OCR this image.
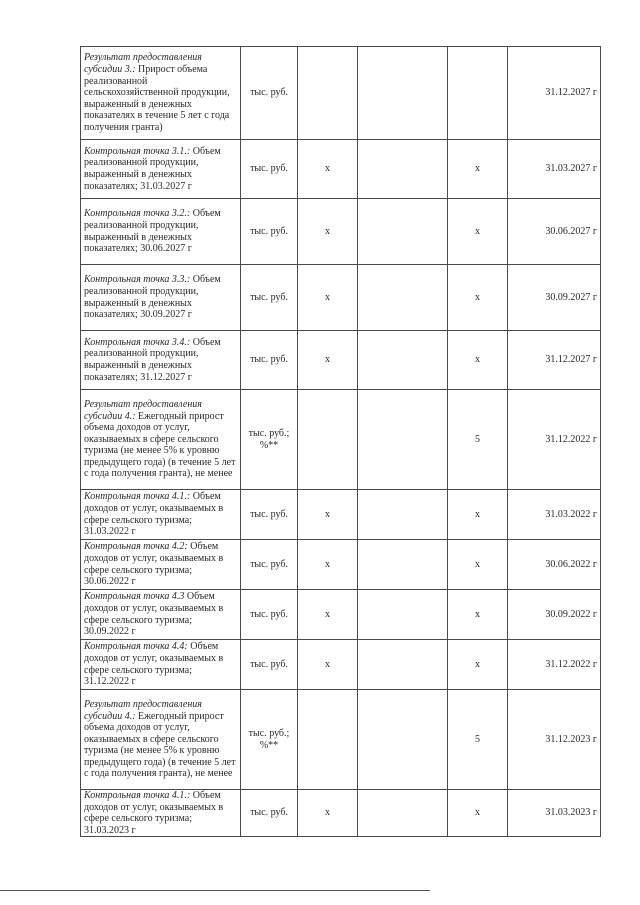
Результат предоставления субсидии 3.: Прирост объема реализованной сельскохозяйственной продукции, выраженный в денежных показателях в течение 5 лет с года получения гранта)	тыс. руб.				31.12.2027 г
Контрольная точка 3.1.: Объем реализованной продукции, выраженный в денежных показателях; 31.03.2027 г	тыс. руб.	х		х	31.03.2027 г
Контрольная точка 3.2.: Объем реализованной продукции, выраженный в денежных показателях; 30.06.2027 г	тыс. руб.	х		х	30.06.2027 г
Контрольная точка 3.3.: Объем реализованной продукции, выраженный в денежных показателях; 30.09.2027 г	тыс. руб.	х		х	30.09.2027 г
Контрольная точка 3.4.: Объем реализованной продукции, выраженный в денежных показателях; 31.12.2027 г	тыс. руб.	х		х	31.12.2027 г
Результат предоставления субсидии 4.: Ежегодный прирост объема доходов от услуг, оказываемых в сфере сельского туризма (не менее 5% к уровню предыдущего года) (в течение 5 лет с года получения гранта), не менее	тыс. руб.; %**			5	31.12.2022 г
Контрольная точка 4.1.: Объем доходов от услуг, оказываемых в сфере сельского туризма; 31.03.2022 г	тыс. руб.	х		х	31.03.2022 г
Контрольная точка 4.2: Объем доходов от услуг, оказываемых в сфере сельского туризма; 30.06.2022 г	тыс. руб.	х		х	30.06.2022 г
Контрольная точка 4.3 Объем доходов от услуг, оказываемых в сфере сельского туризма; 30.09.2022 г	тыс. руб.	х		х	30.09.2022 г
Контрольная точка 4.4: Объем доходов от услуг, оказываемых в сфере сельского туризма; 31.12.2022 г	тыс. руб.	х		х	31.12.2022 г
Результат предоставления субсидии 4.: Ежегодный прирост объема доходов от услуг, оказываемых в сфере сельского туризма (не менее 5% к уровню предыдущего года) (в течение 5 лет с года получения гранта), не менее	тыс. руб.; %**			5	31.12.2023 г
Контрольная точка 4.1.: Объем доходов от услуг, оказываемых в сфере сельского туризма; 31.03.2023 г	тыс. руб.	х		х	31.03.2023 г
